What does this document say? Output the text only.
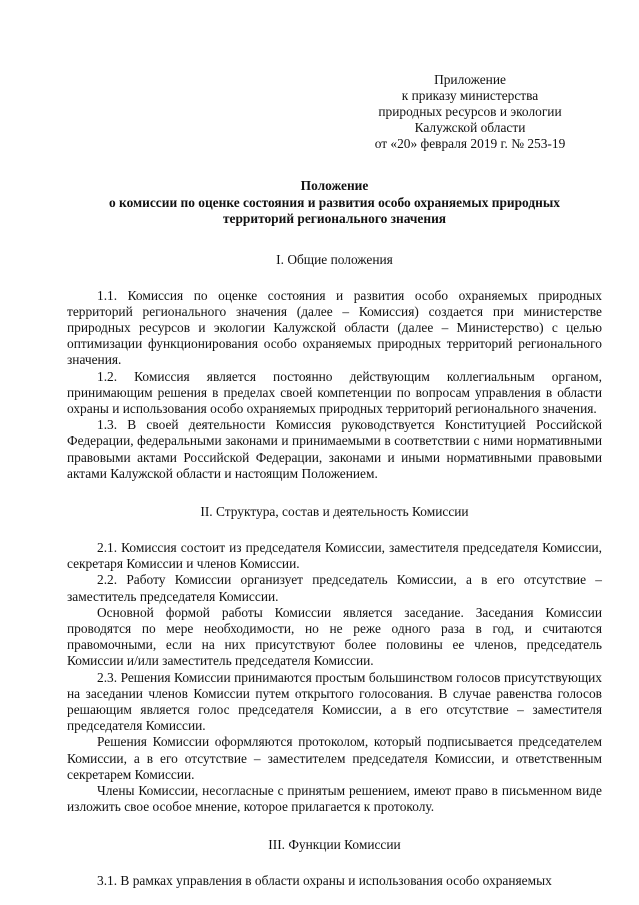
Приложение
к приказу министерства
природных ресурсов и экологии
Калужской области
от «20» февраля 2019 г. № 253-19
Положение
о комиссии по оценке состояния и развития особо охраняемых природных
территорий регионального значения
I. Общие положения

1.1. Комиссия по оценке состояния и развития особо охраняемых природных территорий регионального значения (далее – Комиссия) создается при министерстве природных ресурсов и экологии Калужской области (далее – Министерство) с целью оптимизации функционирования особо охраняемых природных территорий регионального значения.

1.2. Комиссия является постоянно действующим коллегиальным органом, принимающим решения в пределах своей компетенции по вопросам управления в области охраны и использования особо охраняемых природных территорий регионального значения.

1.3. В своей деятельности Комиссия руководствуется Конституцией Российской Федерации, федеральными законами и принимаемыми в соответствии с ними нормативными правовыми актами Российской Федерации, законами и иными нормативными правовыми актами Калужской области и настоящим Положением.

II. Структура, состав и деятельность Комиссии

2.1. Комиссия состоит из председателя Комиссии, заместителя председателя Комиссии, секретаря Комиссии и членов Комиссии.

2.2. Работу Комиссии организует председатель Комиссии, а в его отсутствие – заместитель председателя Комиссии.

Основной формой работы Комиссии является заседание. Заседания Комиссии проводятся по мере необходимости, но не реже одного раза в год, и считаются правомочными, если на них присутствуют более половины ее членов, председатель Комиссии и/или заместитель председателя Комиссии.

2.3. Решения Комиссии принимаются простым большинством голосов присутствующих на заседании членов Комиссии путем открытого голосования. В случае равенства голосов решающим является голос председателя Комиссии, а в его отсутствие – заместителя председателя Комиссии.

Решения Комиссии оформляются протоколом, который подписывается председателем Комиссии, а в его отсутствие – заместителем председателя Комиссии, и ответственным секретарем Комиссии.

Члены Комиссии, несогласные с принятым решением, имеют право в письменном виде изложить свое особое мнение, которое прилагается к протоколу.

III. Функции Комиссии

3.1. В рамках управления в области охраны и использования особо охраняемых
